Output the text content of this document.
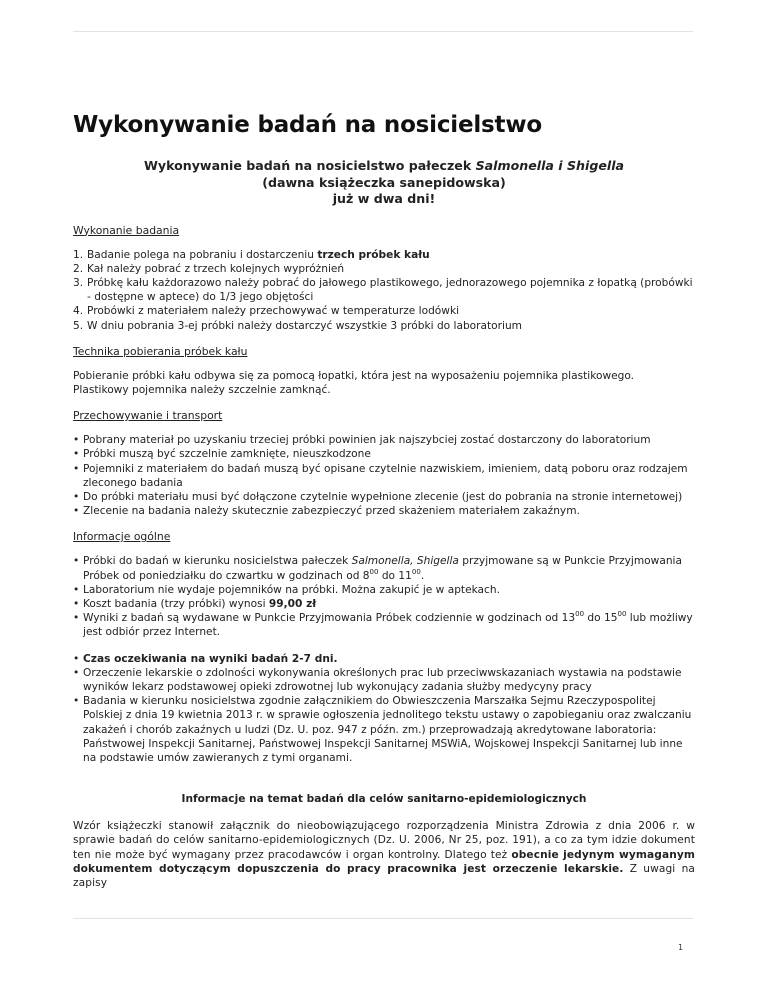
Wykonywanie badań na nosicielstwo
Wykonywanie badań na nosicielstwo pałeczek Salmonella i Shigella
(dawna książeczka sanepidowska)
już w dwa dni!
Wykonanie badania
1. Badanie polega na pobraniu i dostarczeniu trzech próbek kału
2. Kał należy pobrać z trzech kolejnych wypróżnień
3. Próbkę kału każdorazowo należy pobrać do jałowego plastikowego, jednorazowego pojemnika z łopatką (probówki - dostępne w aptece) do 1/3 jego objętości
4. Probówki z materiałem należy przechowywać w temperaturze lodówki
5. W dniu pobrania 3-ej próbki należy dostarczyć wszystkie 3 próbki do laboratorium
Technika pobierania próbek kału

Pobieranie próbki kału odbywa się za pomocą łopatki, która jest na wyposażeniu pojemnika plastikowego.
Plastikowy pojemnika należy szczelnie zamknąć.

Przechowywanie i transport
• Pobrany materiał po uzyskaniu trzeciej próbki powinien jak najszybciej zostać dostarczony do laboratorium
• Próbki muszą być szczelnie zamknięte, nieuszkodzone
• Pojemniki z materiałem do badań muszą być opisane czytelnie nazwiskiem, imieniem, datą poboru oraz rodzajem zleconego badania
• Do próbki materiału musi być dołączone czytelnie wypełnione zlecenie (jest do pobrania na stronie internetowej)
• Zlecenie na badania należy skutecznie zabezpieczyć przed skażeniem materiałem zakaźnym.
Informacje ogólne
• Próbki do badań w kierunku nosicielstwa pałeczek Salmonella, Shigella przyjmowane są w Punkcie Przyjmowania Próbek od poniedziałku do czwartku w godzinach od $8^{00}$ do $11^{00}$.
• Laboratorium nie wydaje pojemników na próbki. Można zakupić je w aptekach.
• Koszt badania (trzy próbki) wynosi 99,00 zł
• Wyniki z badań są wydawane w Punkcie Przyjmowania Próbek codziennie w godzinach od $13^{00}$ do $15^{00}$ lub możliwy jest odbiór przez Internet.
• Czas oczekiwania na wyniki badań 2-7 dni.
• Orzeczenie lekarskie o zdolności wykonywania określonych prac lub przeciwwskazaniach wystawia na podstawie wyników lekarz podstawowej opieki zdrowotnej lub wykonujący zadania służby medycyny pracy
• Badania w kierunku nosicielstwa zgodnie załącznikiem do Obwieszczenia Marszałka Sejmu Rzeczypospolitej Polskiej z dnia 19 kwietnia 2013 r. w sprawie ogłoszenia jednolitego tekstu ustawy o zapobieganiu oraz zwalczaniu zakażeń i chorób zakaźnych u ludzi (Dz. U. poz. 947 z późn. zm.) przeprowadzają akredytowane laboratoria: Państwowej Inspekcji Sanitarnej, Państwowej Inspekcji Sanitarnej MSWiA, Wojskowej Inspekcji Sanitarnej lub inne na podstawie umów zawieranych z tymi organami.
Informacje na temat badań dla celów sanitarno-epidemiologicznych

Wzór książeczki stanowił załącznik do nieobowiązującego rozporządzenia Ministra Zdrowia z dnia 2006 r. w sprawie badań do celów sanitarno-epidemiologicznych (Dz. U. 2006, Nr 25, poz. 191), a co za tym idzie dokument ten nie może być wymagany przez pracodawców i organ kontrolny. Dlatego też obecnie jedynym wymaganym dokumentem dotyczącym dopuszczenia do pracy pracownika jest orzeczenie lekarskie. Z uwagi na zapisy

1
